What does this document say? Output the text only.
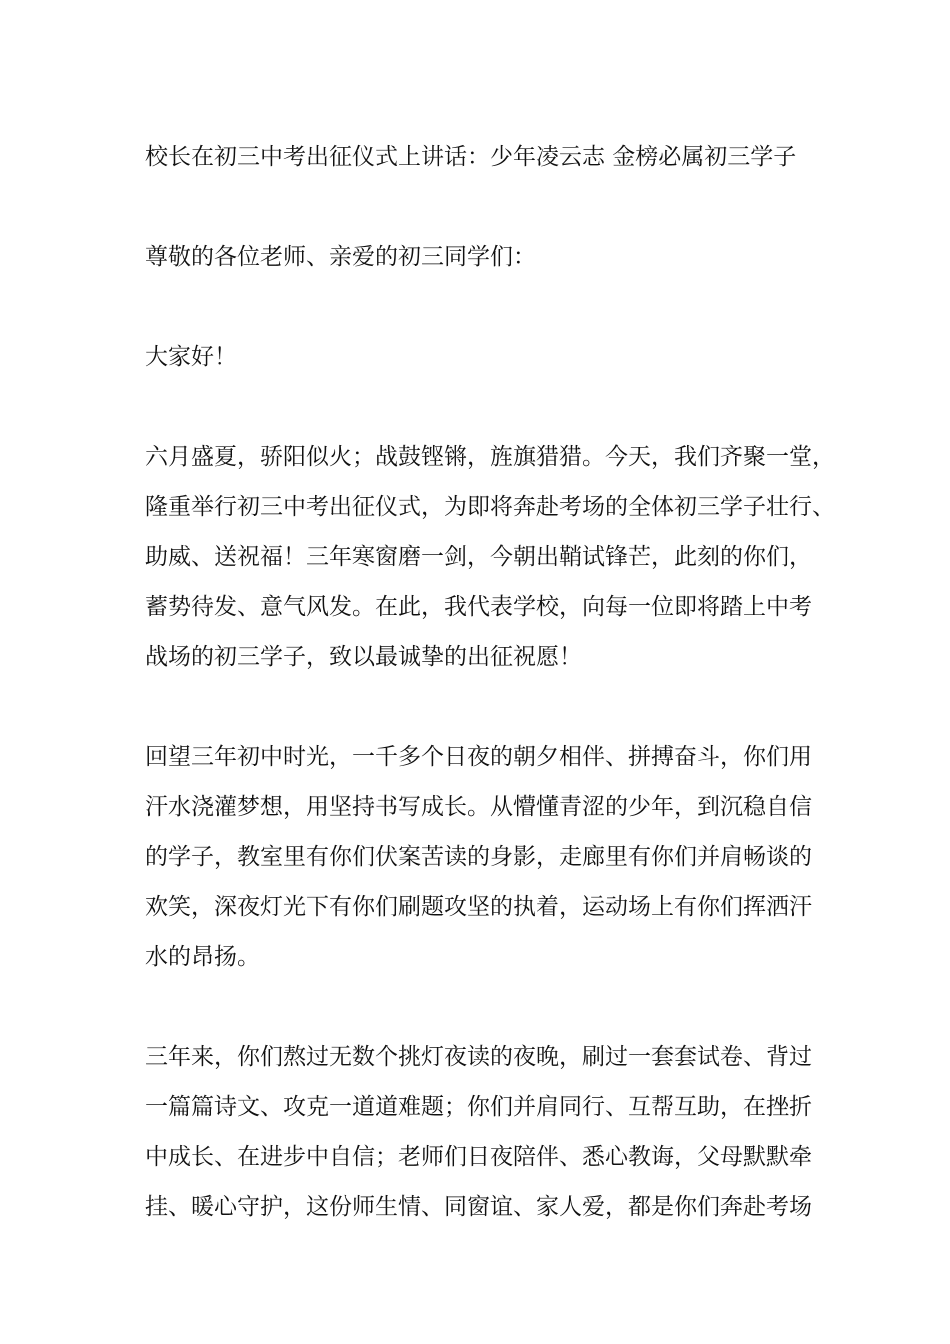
校长在初三中考出征仪式上讲话：少年凌云志 金榜必属初三学子
尊敬的各位老师、亲爱的初三同学们：
大家好！
六月盛夏，骄阳似火；战鼓铿锵，旌旗猎猎。今天，我们齐聚一堂，
隆重举行初三中考出征仪式，为即将奔赴考场的全体初三学子壮行、
助威、送祝福！三年寒窗磨一剑，今朝出鞘试锋芒，此刻的你们，
蓄势待发、意气风发。在此，我代表学校，向每一位即将踏上中考
战场的初三学子，致以最诚挚的出征祝愿！
回望三年初中时光，一千多个日夜的朝夕相伴、拼搏奋斗，你们用
汗水浇灌梦想，用坚持书写成长。从懵懂青涩的少年，到沉稳自信
的学子，教室里有你们伏案苦读的身影，走廊里有你们并肩畅谈的
欢笑，深夜灯光下有你们刷题攻坚的执着，运动场上有你们挥洒汗
水的昂扬。
三年来，你们熬过无数个挑灯夜读的夜晚，刷过一套套试卷、背过
一篇篇诗文、攻克一道道难题；你们并肩同行、互帮互助，在挫折
中成长、在进步中自信；老师们日夜陪伴、悉心教诲，父母默默牵
挂、暖心守护，这份师生情、同窗谊、家人爱，都是你们奔赴考场
